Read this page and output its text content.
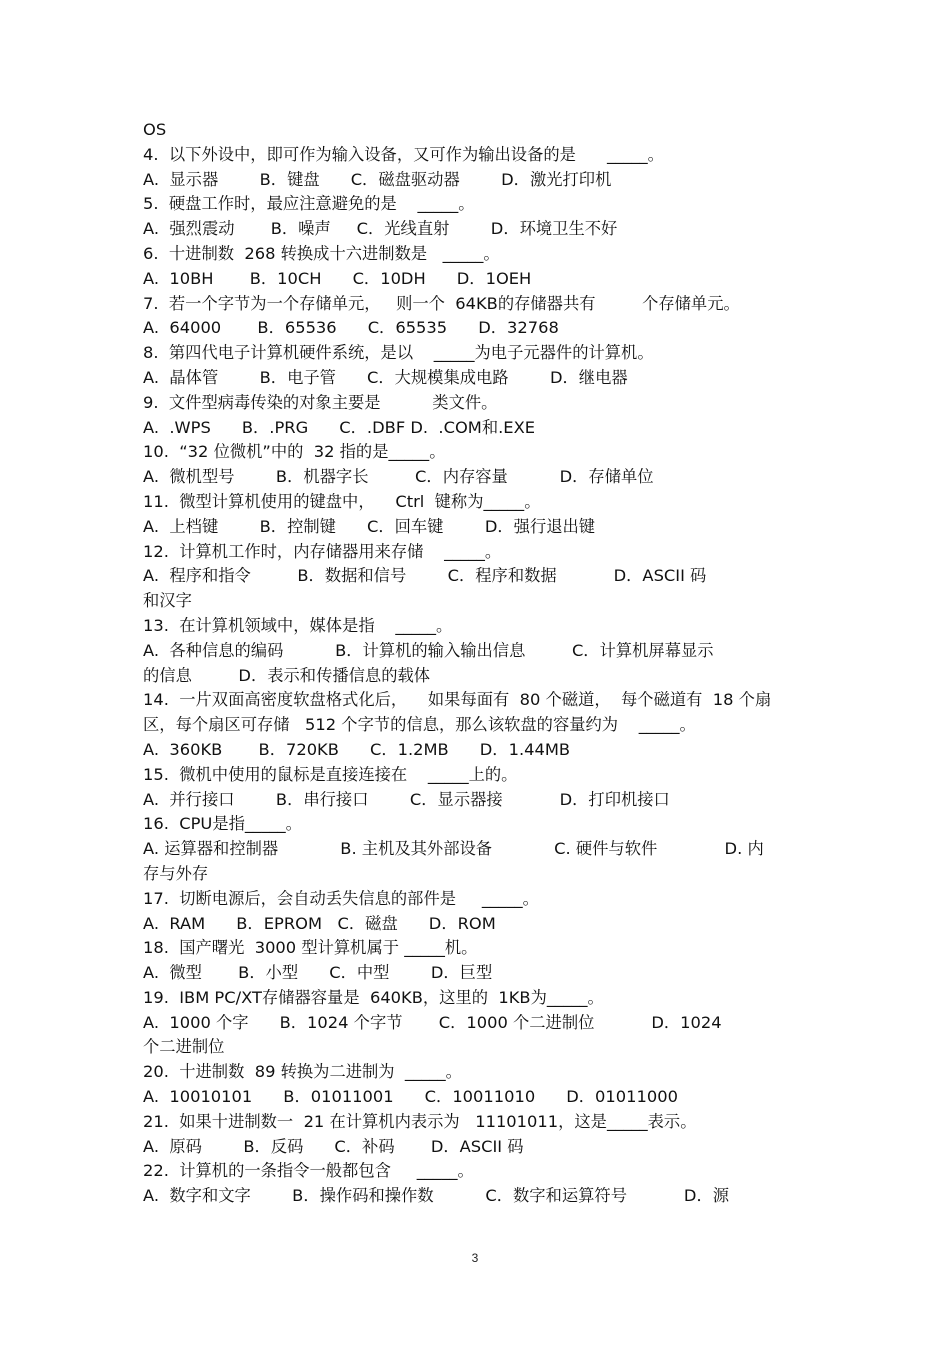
OS
4.  以下外设中，即可作为输入设备，又可作为输出设备的是      _____。
A.  显示器        B．键盘      C．磁盘驱动器        D．激光打印机
5.  硬盘工作时，最应注意避免的是    _____。
A.  强烈震动       B．噪声     C．光线直射        D．环境卫生不好
6.  十进制数  268 转换成十六进制数是   _____。
A.  10BH       B．10CH      C．10DH      D．1OEH
7.  若一个字节为一个存储单元，   则一个  64KB的存储器共有         个存储单元。
A.  64000       B．65536      C．65535      D．32768
8.  第四代电子计算机硬件系统，是以    _____为电子元器件的计算机。
A.  晶体管        B．电子管      C．大规模集成电路        D．继电器
9.  文件型病毒传染的对象主要是          类文件。
A.  .WPS      B．.PRG      C．.DBF D.  .COM和.EXE
10.  “32 位微机”中的  32 指的是_____。
A.  微机型号        B．机器字长         C．内存容量          D．存储单位
11.  微型计算机使用的键盘中，    Ctrl  键称为_____。
A.  上档键        B．控制键      C．回车键        D．强行退出键
12.  计算机工作时，内存储器用来存储    _____。
A.  程序和指令         B．数据和信号        C．程序和数据           D．ASCII 码
和汉字
13.  在计算机领域中，媒体是指    _____。
A.  各种信息的编码          B．计算机的输入输出信息         C．计算机屏幕显示
的信息         D．表示和传播信息的载体
14.  一片双面高密度软盘格式化后，    如果每面有  80 个磁道，  每个磁道有  18 个扇
区，每个扇区可存储   512 个字节的信息，那么该软盘的容量约为    _____。
A.  360KB       B．720KB      C．1.2MB      D．1.44MB
15.  微机中使用的鼠标是直接连接在    _____上的。
A.  并行接口        B．串行接口        C．显示器接           D．打印机接口
16.  CPU是指_____。
A. 运算器和控制器            B. 主机及其外部设备            C. 硬件与软件             D. 内
存与外存
17.  切断电源后，会自动丢失信息的部件是     _____。
A.  RAM      B．EPROM   C．磁盘      D．ROM
18.  国产曙光  3000 型计算机属于 _____机。
A.  微型       B．小型      C．中型        D．巨型
19.  IBM PC/XT存储器容量是  640KB，这里的  1KB为_____。
A.  1000 个字      B．1024 个字节       C．1000 个二进制位           D．1024
个二进制位
20.  十进制数  89 转换为二进制为  _____。
A.  10010101      B．01011001      C．10011010      D．01011000
21.  如果十进制数一  21 在计算机内表示为   11101011，这是_____表示。
A.  原码        B．反码      C．补码       D．ASCII 码
22.  计算机的一条指令一般都包含     _____。
A.  数字和文字        B．操作码和操作数          C．数字和运算符号           D．源
3
